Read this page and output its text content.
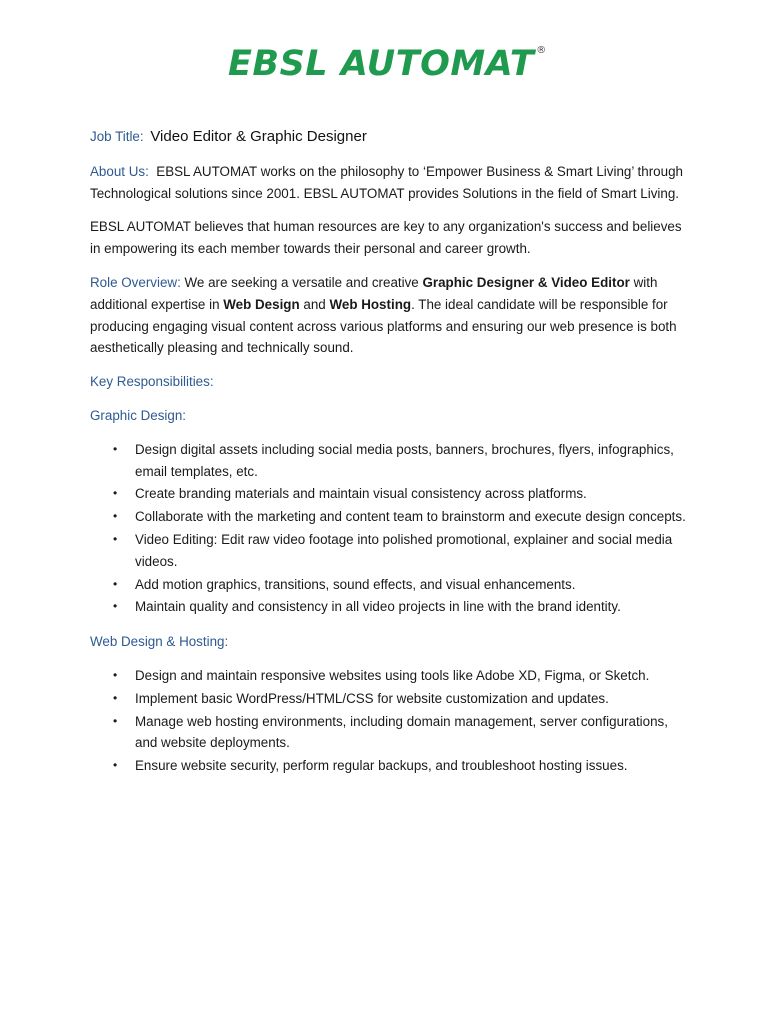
EBSL AUTOMAT ®

Job Title: Video Editor & Graphic Designer

About Us: EBSL AUTOMAT works on the philosophy to ‘Empower Business & Smart Living’ through Technological solutions since 2001. EBSL AUTOMAT provides Solutions in the field of Smart Living.

EBSL AUTOMAT believes that human resources are key to any organization's success and believes in empowering its each member towards their personal and career growth.

Role Overview: We are seeking a versatile and creative Graphic Designer & Video Editor with additional expertise in Web Design and Web Hosting. The ideal candidate will be responsible for producing engaging visual content across various platforms and ensuring our web presence is both aesthetically pleasing and technically sound.

Key Responsibilities:

Graphic Design:

• Design digital assets including social media posts, banners, brochures, flyers, infographics, email templates, etc.
• Create branding materials and maintain visual consistency across platforms.
• Collaborate with the marketing and content team to brainstorm and execute design concepts.
• Video Editing: Edit raw video footage into polished promotional, explainer and social media videos.
• Add motion graphics, transitions, sound effects, and visual enhancements.
• Maintain quality and consistency in all video projects in line with the brand identity.

Web Design & Hosting:

• Design and maintain responsive websites using tools like Adobe XD, Figma, or Sketch.
• Implement basic WordPress/HTML/CSS for website customization and updates.
• Manage web hosting environments, including domain management, server configurations, and website deployments.
• Ensure website security, perform regular backups, and troubleshoot hosting issues.
